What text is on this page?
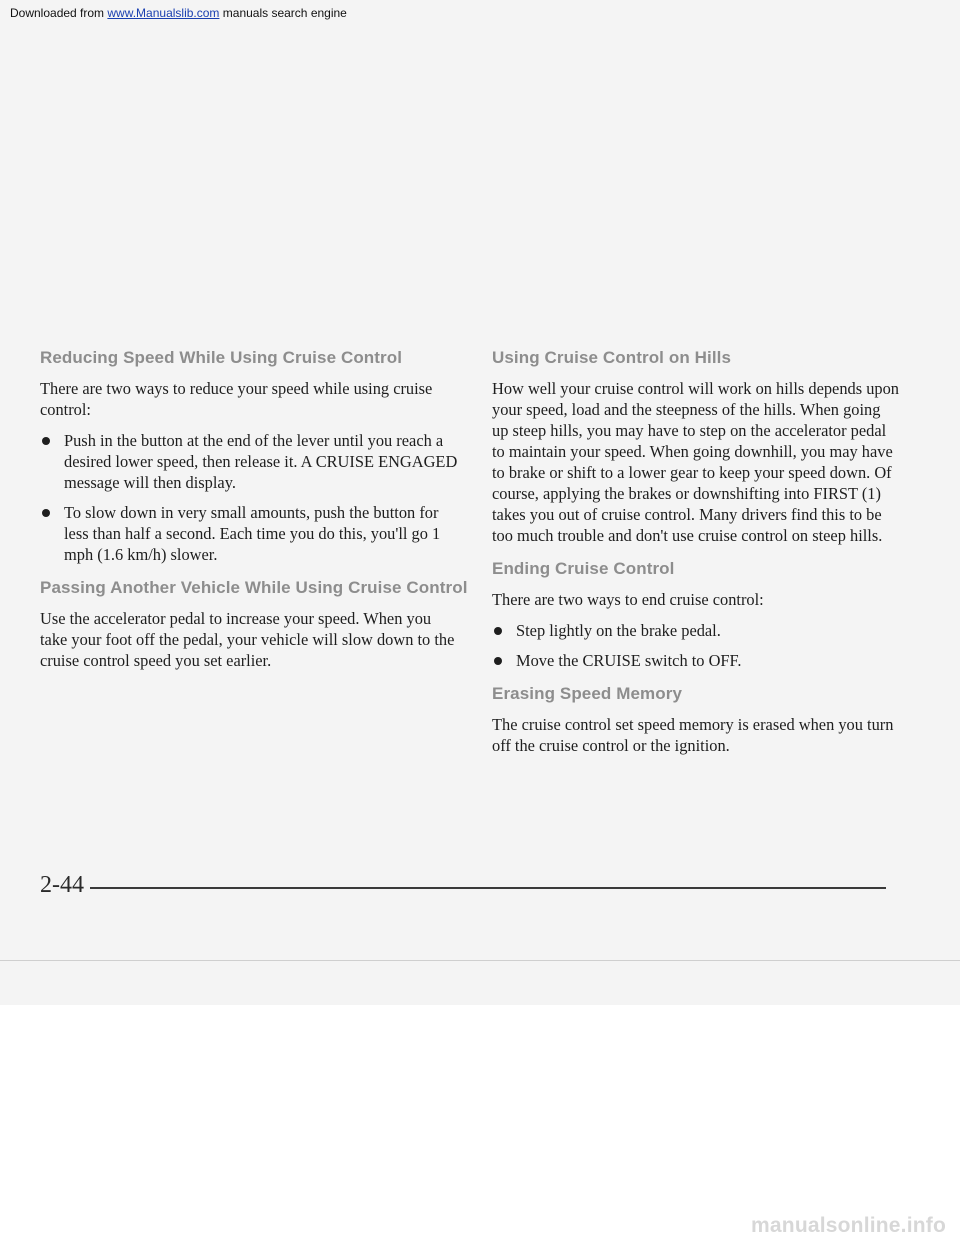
Downloaded from www.Manualslib.com manuals search engine
Reducing Speed While Using Cruise Control

There are two ways to reduce your speed while using cruise control:

Push in the button at the end of the lever until you reach a desired lower speed, then release it. A CRUISE ENGAGED message will then display.
To slow down in very small amounts, push the button for less than half a second. Each time you do this, you'll go 1 mph (1.6 km/h) slower.
Passing Another Vehicle While Using Cruise Control

Use the accelerator pedal to increase your speed. When you take your foot off the pedal, your vehicle will slow down to the cruise control speed you set earlier.

Using Cruise Control on Hills

How well your cruise control will work on hills depends upon your speed, load and the steepness of the hills. When going up steep hills, you may have to step on the accelerator pedal to maintain your speed. When going downhill, you may have to brake or shift to a lower gear to keep your speed down. Of course, applying the brakes or downshifting into FIRST (1) takes you out of cruise control. Many drivers find this to be too much trouble and don't use cruise control on steep hills.

Ending Cruise Control

There are two ways to end cruise control:

Step lightly on the brake pedal.
Move the CRUISE switch to OFF.
Erasing Speed Memory

The cruise control set speed memory is erased when you turn off the cruise control or the ignition.

2-44
manualsonline.info
